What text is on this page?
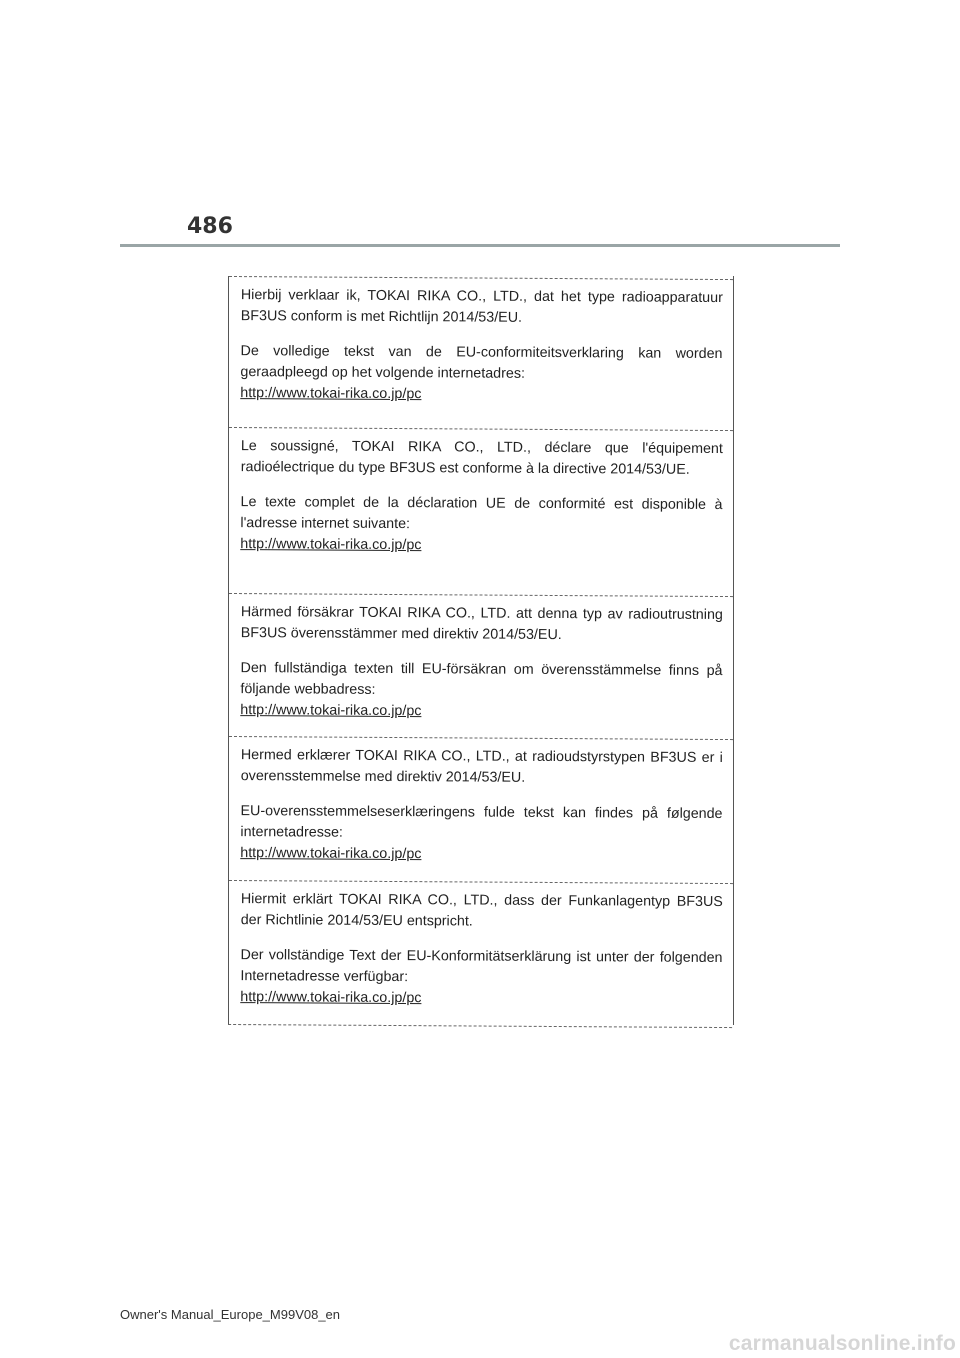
486

Hierbij verklaar ik, TOKAI RIKA CO., LTD., dat het type radioapparatuur BF3US conform is met Richtlijn 2014/53/EU.

De volledige tekst van de EU-conformiteitsverklaring kan worden geraadpleegd op het volgende internetadres:
http://www.tokai-rika.co.jp/pc

Le soussigné, TOKAI RIKA CO., LTD., déclare que l'équipement radioélectrique du type BF3US est conforme à la directive 2014/53/UE.

Le texte complet de la déclaration UE de conformité est disponible à l'adresse internet suivante:
http://www.tokai-rika.co.jp/pc

Härmed försäkrar TOKAI RIKA CO., LTD. att denna typ av radioutrustning BF3US överensstämmer med direktiv 2014/53/EU.

Den fullständiga texten till EU-försäkran om överensstämmelse finns på följande webbadress:
http://www.tokai-rika.co.jp/pc

Hermed erklærer TOKAI RIKA CO., LTD., at radioudstyrstypen BF3US er i overensstemmelse med direktiv 2014/53/EU.

EU-overensstemmelseserklæringens fulde tekst kan findes på følgende internetadresse:
http://www.tokai-rika.co.jp/pc

Hiermit erklärt TOKAI RIKA CO., LTD., dass der Funkanlagentyp BF3US der Richtlinie 2014/53/EU entspricht.

Der vollständige Text der EU-Konformitätserklärung ist unter der folgenden Internetadresse verfügbar:
http://www.tokai-rika.co.jp/pc

Owner's Manual_Europe_M99V08_en
carmanualsonline.info
